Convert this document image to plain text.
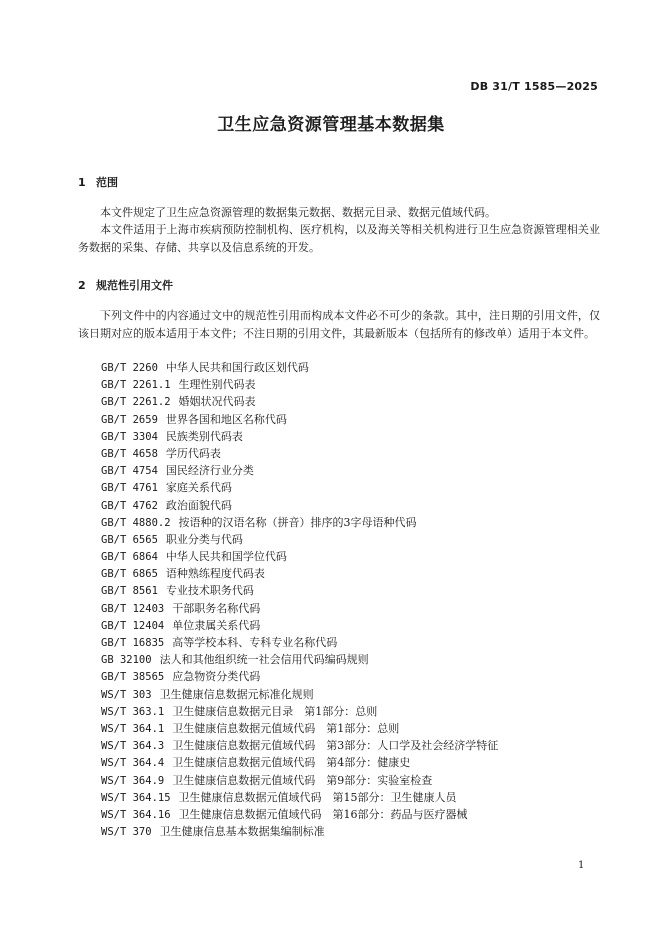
DB 31/T 1585—2025
卫生应急资源管理基本数据集
1 范围

本文件规定了卫生应急资源管理的数据集元数据、数据元目录、数据元值域代码。

本文件适用于上海市疾病预防控制机构、医疗机构，以及海关等相关机构进行卫生应急资源管理相关业务数据的采集、存储、共享以及信息系统的开发。

2 规范性引用文件

下列文件中的内容通过文中的规范性引用而构成本文件必不可少的条款。其中，注日期的引用文件，仅该日期对应的版本适用于本文件；不注日期的引用文件，其最新版本（包括所有的修改单）适用于本文件。

GB/T 2260 中华人民共和国行政区划代码
GB/T 2261.1 生理性别代码表
GB/T 2261.2 婚姻状况代码表
GB/T 2659 世界各国和地区名称代码
GB/T 3304 民族类别代码表
GB/T 4658 学历代码表
GB/T 4754 国民经济行业分类
GB/T 4761 家庭关系代码
GB/T 4762 政治面貌代码
GB/T 4880.2 按语种的汉语名称（拼音）排序的3字母语种代码
GB/T 6565 职业分类与代码
GB/T 6864 中华人民共和国学位代码
GB/T 6865 语种熟练程度代码表
GB/T 8561 专业技术职务代码
GB/T 12403 干部职务名称代码
GB/T 12404 单位隶属关系代码
GB/T 16835 高等学校本科、专科专业名称代码
GB 32100 法人和其他组织统一社会信用代码编码规则
GB/T 38565 应急物资分类代码
WS/T 303 卫生健康信息数据元标准化规则
WS/T 363.1 卫生健康信息数据元目录　第1部分：总则
WS/T 364.1 卫生健康信息数据元值域代码　第1部分：总则
WS/T 364.3 卫生健康信息数据元值域代码　第3部分：人口学及社会经济学特征
WS/T 364.4 卫生健康信息数据元值域代码　第4部分：健康史
WS/T 364.9 卫生健康信息数据元值域代码　第9部分：实验室检查
WS/T 364.15 卫生健康信息数据元值域代码　第15部分：卫生健康人员
WS/T 364.16 卫生健康信息数据元值域代码　第16部分：药品与医疗器械
WS/T 370 卫生健康信息基本数据集编制标准
1
